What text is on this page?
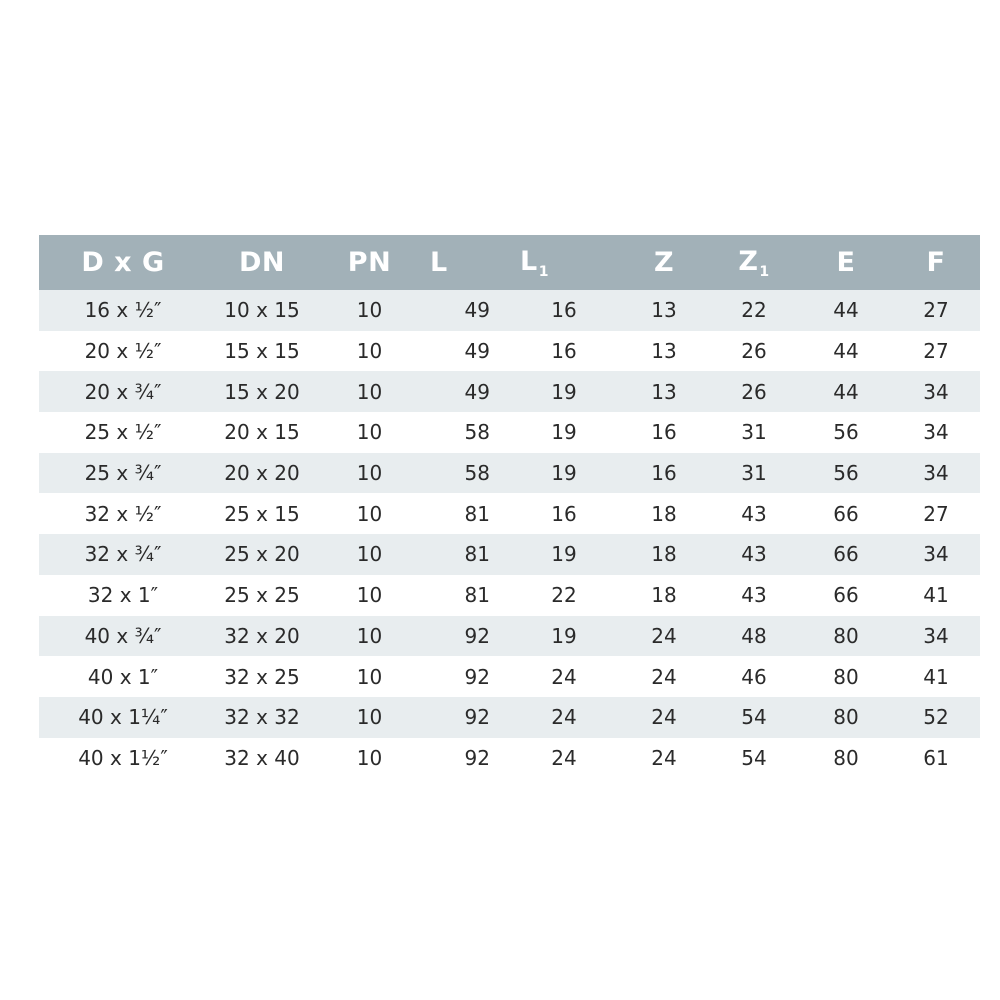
D x G	DN	PN	L	$L_1$	Z	$Z_1$	E	F
16 x ½″	10 x 15	10	49	16	13	22	44	27
20 x ½″	15 x 15	10	49	16	13	26	44	27
20 x ¾″	15 x 20	10	49	19	13	26	44	34
25 x ½″	20 x 15	10	58	19	16	31	56	34
25 x ¾″	20 x 20	10	58	19	16	31	56	34
32 x ½″	25 x 15	10	81	16	18	43	66	27
32 x ¾″	25 x 20	10	81	19	18	43	66	34
32 x 1″	25 x 25	10	81	22	18	43	66	41
40 x ¾″	32 x 20	10	92	19	24	48	80	34
40 x 1″	32 x 25	10	92	24	24	46	80	41
40 x 1¼″	32 x 32	10	92	24	24	54	80	52
40 x 1½″	32 x 40	10	92	24	24	54	80	61
